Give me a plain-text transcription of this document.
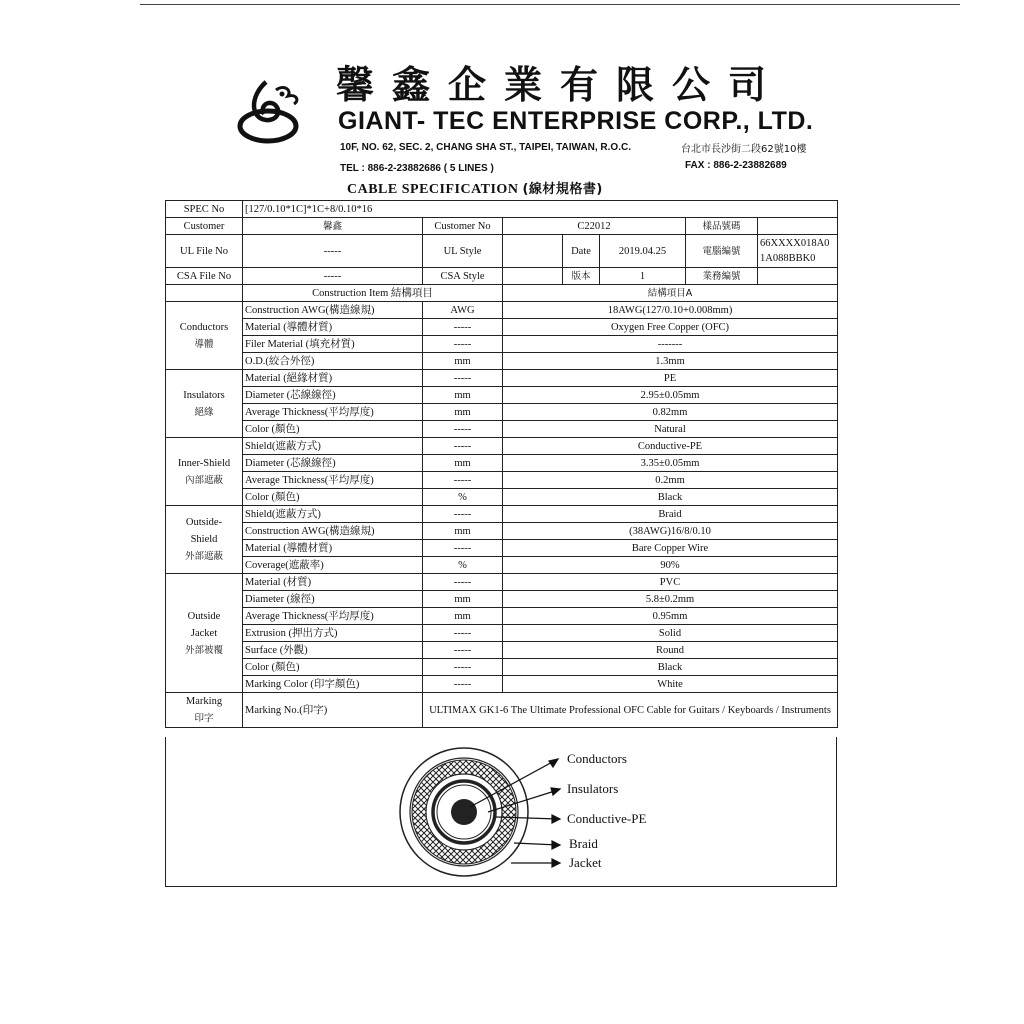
馨鑫企業有限公司
GIANT- TEC ENTERPRISE CORP., LTD.
10F, NO. 62, SEC. 2, CHANG SHA ST., TAIPEI, TAIWAN, R.O.C.	台北市長沙街二段62號10樓
TEL : 886-2-23882686 ( 5 LINES )	FAX : 886-2-23882689
CABLE SPECIFICATION (線材規格書)
SPEC No	[127/0.10*1C]*1C+8/0.10*16						
Customer	馨鑫	Customer No	C22012			樣品號碼	
UL File No	-----	UL Style		Date	2019.04.25	電腦編號	66XXXX018A0 1A088BBK0
CSA File No	-----	CSA Style		版本	1	業務編號	
	Construction Item 結構項目		結構項目A				

Conductors
導體	Construction AWG(構造線規)	AWG	18AWG(127/0.10+0.008mm)				
	Material (導體材質)	-----	Oxygen Free Copper (OFC)				
	Filer Material (填充材質)	-----	-------				
	O.D.(絞合外徑)	mm	1.3mm				

Insulators
絕緣	Material (絕緣材質)	-----	PE				
	Diameter (芯線線徑)	mm	2.95±0.05mm				
	Average Thickness(平均厚度)	mm	0.82mm				
	Color (顏色)	-----	Natural				

Inner-Shield
內部遮蔽	Shield(遮蔽方式)	-----	Conductive-PE				
	Diameter (芯線線徑)	mm	3.35±0.05mm				
	Average Thickness(平均厚度)	-----	0.2mm				
	Color (顏色)	%	Black				

Outside-
Shield
外部遮蔽	Shield(遮蔽方式)	-----	Braid				
	Construction AWG(構造線規)	mm	(38AWG)16/8/0.10				
	Material (導體材質)	-----	Bare Copper Wire				
	Coverage(遮蔽率)	%	90%				

Outside
Jacket
外部被覆	Material (材質)	-----	PVC				
	Diameter (線徑)	mm	5.8±0.2mm				
	Average Thickness(平均厚度)	mm	0.95mm				
	Extrusion (押出方式)	-----	Solid				
	Surface (外觀)	-----	Round				
	Color (顏色)	-----	Black				
	Marking Color (印字顏色)	-----	White				

Marking
印字	Marking No.(印字)	ULTIMAX GK1-6 The Ultimate Professional OFC Cable for Guitars / Keyboards / Instruments					
Conductors
Insulators
Conductive-PE
Braid
Jacket
